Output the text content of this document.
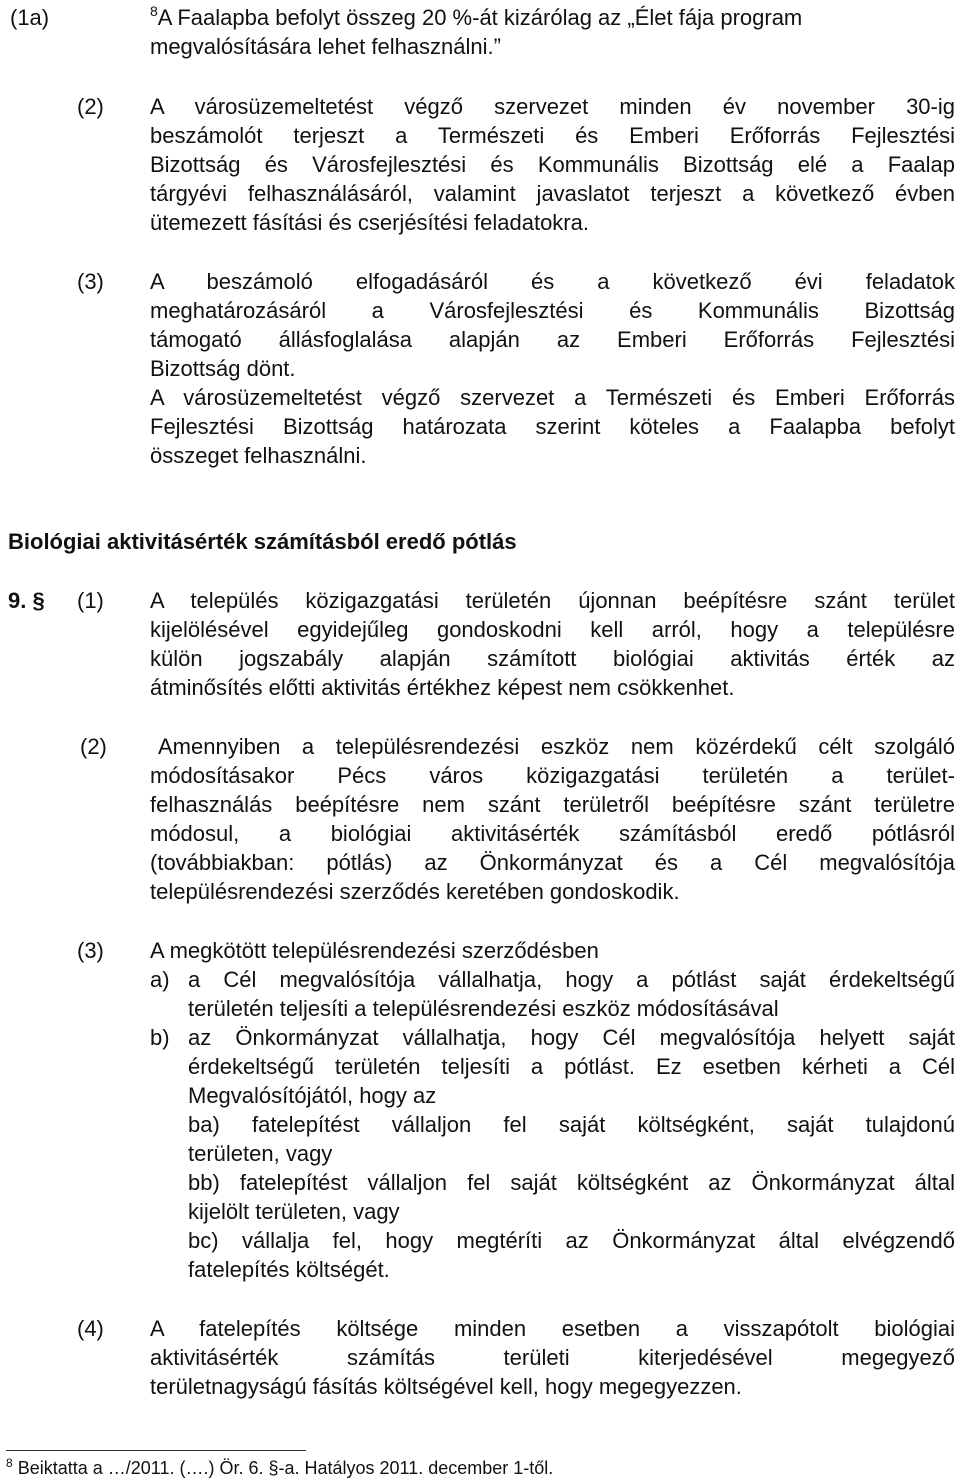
(1a)	$^8$A Faalapba befolyt összeg 20 %-át kizárólag az „Élet fája program
megvalósítására lehet felhasználni.”
(2) A városüzemeltetést végző szervezet minden év november 30-ig
beszámolót terjeszt a Természeti és Emberi Erőforrás Fejlesztési
Bizottság és Városfejlesztési és Kommunális Bizottság elé a Faalap
tárgyévi felhasználásáról, valamint javaslatot terjeszt a következő évben
ütemezett fásítási és cserjésítési feladatokra.
(3) A beszámoló elfogadásáról és a következő évi feladatok
meghatározásáról a Városfejlesztési és Kommunális Bizottság
támogató állásfoglalása alapján az Emberi Erőforrás Fejlesztési
Bizottság dönt.
A városüzemeltetést végző szervezet a Természeti és Emberi Erőforrás
Fejlesztési Bizottság határozata szerint köteles a Faalapba befolyt
összeget felhasználni.
Biológiai aktivitásérték számításból eredő pótlás
9. § (1) A település közigazgatási területén újonnan beépítésre szánt terület
kijelölésével egyidejűleg gondoskodni kell arról, hogy a településre
külön jogszabály alapján számított biológiai aktivitás érték az
átminősítés előtti aktivitás értékhez képest nem csökkenhet.
(2) Amennyiben a településrendezési eszköz nem közérdekű célt szolgáló
módosításakor Pécs város közigazgatási területén a terület-
felhasználás beépítésre nem szánt területről beépítésre szánt területre
módosul, a biológiai aktivitásérték számításból eredő pótlásról
(továbbiakban: pótlás) az Önkormányzat és a Cél megvalósítója
településrendezési szerződés keretében gondoskodik.
(3) A megkötött településrendezési szerződésben
a) a Cél megvalósítója vállalhatja, hogy a pótlást saját érdekeltségű
területén teljesíti a településrendezési eszköz módosításával
b) az Önkormányzat vállalhatja, hogy Cél megvalósítója helyett saját
érdekeltségű területén teljesíti a pótlást. Ez esetben kérheti a Cél
Megvalósítójától, hogy az
ba) fatelepítést vállaljon fel saját költségként, saját tulajdonú
területen, vagy
bb) fatelepítést vállaljon fel saját költségként az Önkormányzat által
kijelölt területen, vagy
bc) vállalja fel, hogy megtéríti az Önkormányzat által elvégzendő
fatelepítés költségét.
(4) A fatelepítés költsége minden esetben a visszapótolt biológiai
aktivitásérték számítás területi kiterjedésével megegyező
területnagyságú fásítás költségével kell, hogy megegyezzen.
$^8$ Beiktatta a …/2011. (….) Ör. 6. §-a. Hatályos 2011. december 1-től.
